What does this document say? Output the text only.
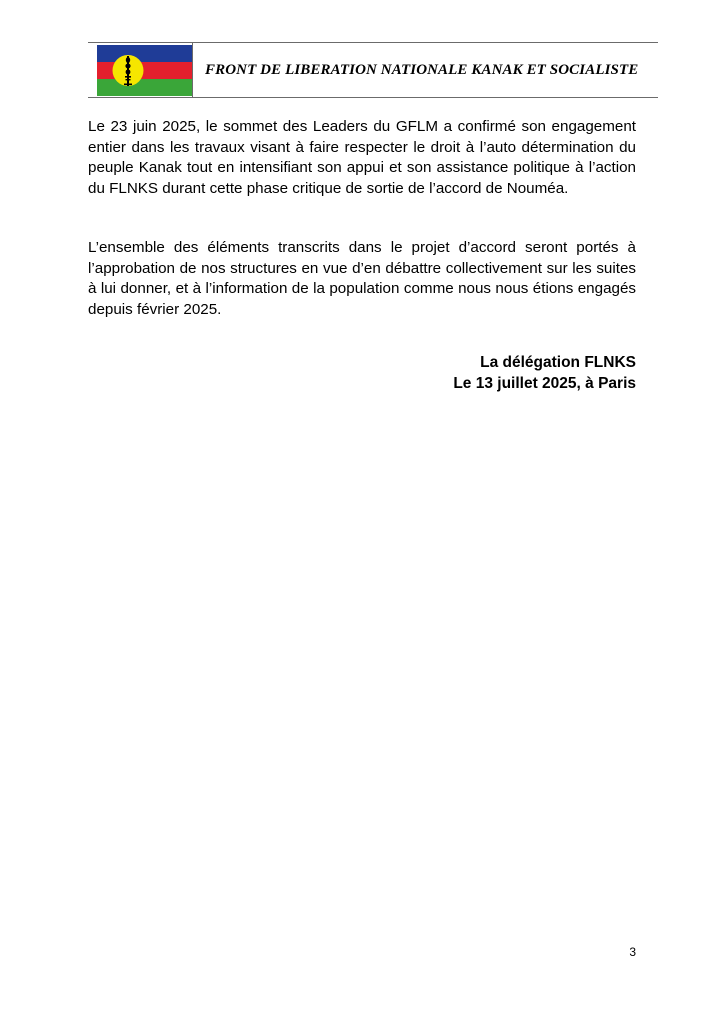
FRONT DE LIBERATION NATIONALE KANAK ET SOCIALISTE

Le 23 juin 2025, le sommet des Leaders du GFLM a confirmé son engagement entier dans les travaux visant à faire respecter le droit à l’auto détermination du peuple Kanak tout en intensifiant son appui et son assistance politique à l’action du FLNKS durant cette phase critique de sortie de l’accord de Nouméa.

L’ensemble des éléments transcrits dans le projet d’accord seront portés à l’approbation de nos structures en vue d’en débattre collectivement sur les suites à lui donner, et à l’information de la population comme nous nous étions engagés depuis février 2025.

La délégation FLNKS
Le 13 juillet 2025, à Paris
3
